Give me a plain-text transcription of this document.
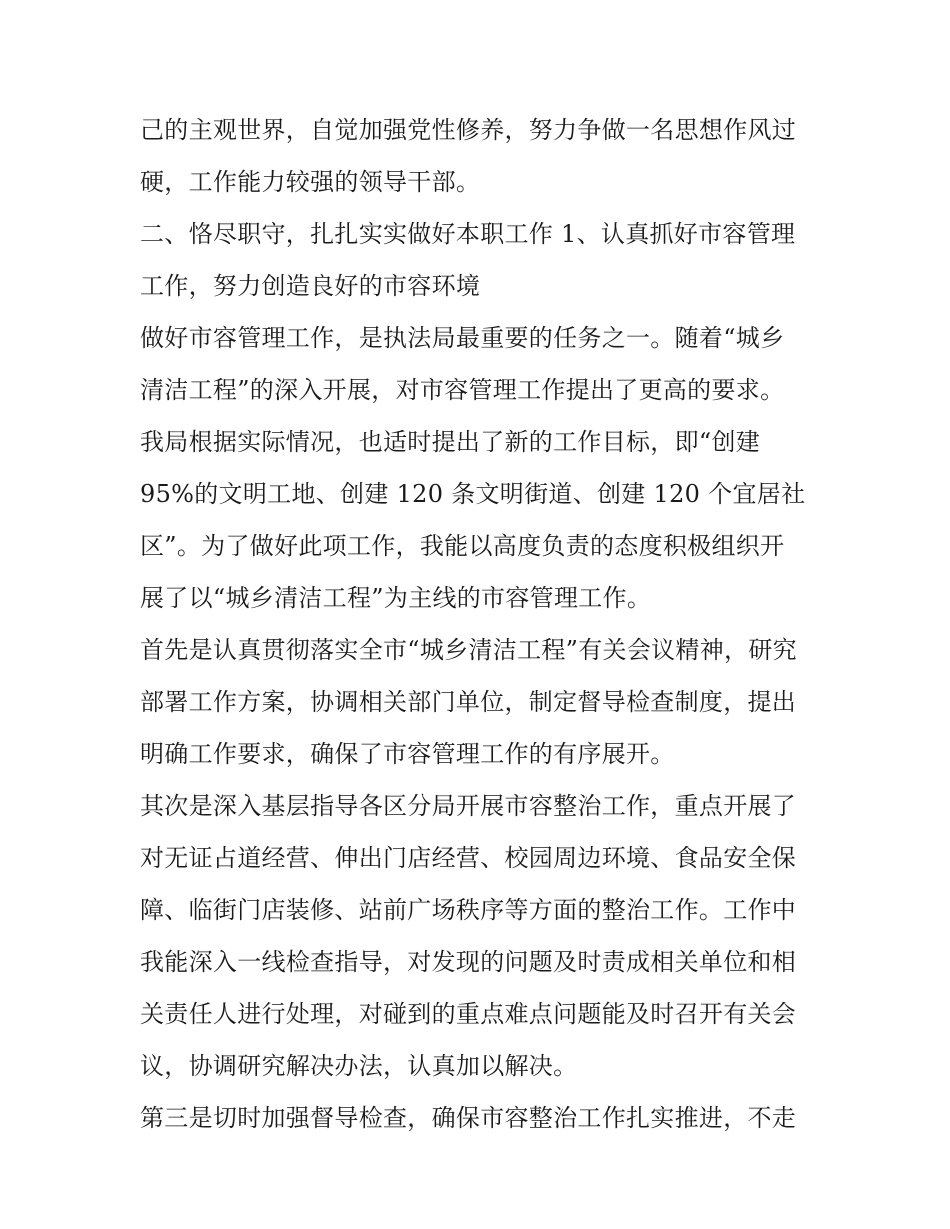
己的主观世界，自觉加强党性修养，努力争做一名思想作风过
硬，工作能力较强的领导干部。
二、恪尽职守，扎扎实实做好本职工作 1、认真抓好市容管理
工作，努力创造良好的市容环境
做好市容管理工作，是执法局最重要的任务之一。随着“城乡
清洁工程”的深入开展，对市容管理工作提出了更高的要求。
我局根据实际情况，也适时提出了新的工作目标，即“创建
95%的文明工地、创建 120 条文明街道、创建 120 个宜居社
区”。为了做好此项工作，我能以高度负责的态度积极组织开
展了以“城乡清洁工程”为主线的市容管理工作。
首先是认真贯彻落实全市“城乡清洁工程”有关会议精神，研究
部署工作方案，协调相关部门单位，制定督导检查制度，提出
明确工作要求，确保了市容管理工作的有序展开。
其次是深入基层指导各区分局开展市容整治工作，重点开展了
对无证占道经营、伸出门店经营、校园周边环境、食品安全保
障、临街门店装修、站前广场秩序等方面的整治工作。工作中
我能深入一线检查指导，对发现的问题及时责成相关单位和相
关责任人进行处理，对碰到的重点难点问题能及时召开有关会
议，协调研究解决办法，认真加以解决。
第三是切时加强督导检查，确保市容整治工作扎实推进，不走
